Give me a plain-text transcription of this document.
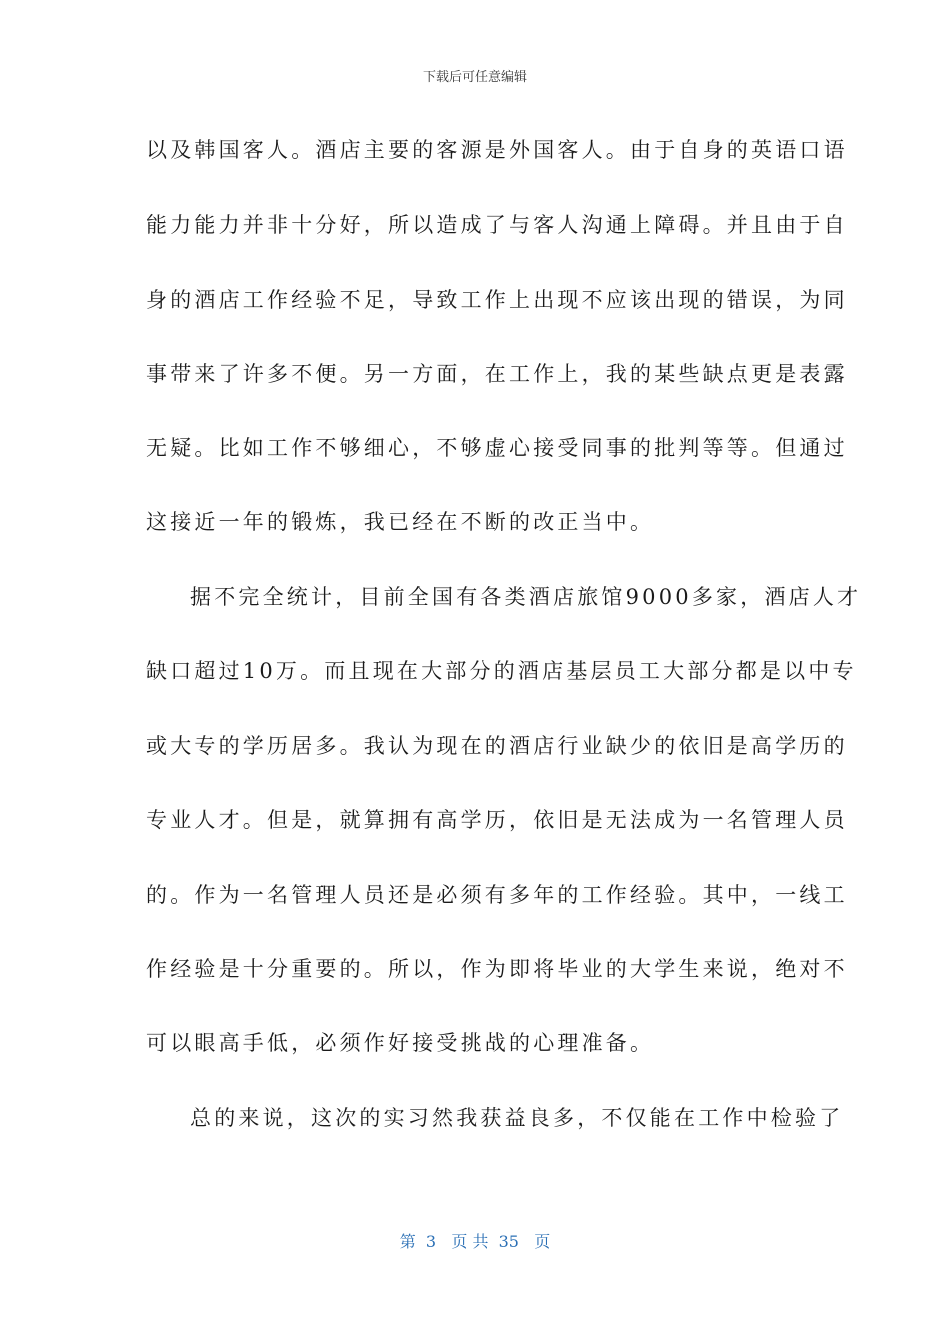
下载后可任意编辑
以及韩国客人。酒店主要的客源是外国客人。由于自身的英语口语
能力能力并非十分好，所以造成了与客人沟通上障碍。并且由于自
身的酒店工作经验不足，导致工作上出现不应该出现的错误，为同
事带来了许多不便。另一方面，在工作上，我的某些缺点更是表露
无疑。比如工作不够细心，不够虚心接受同事的批判等等。但通过
这接近一年的锻炼，我已经在不断的改正当中。
据不完全统计，目前全国有各类酒店旅馆9000多家，酒店人才
缺口超过10万。而且现在大部分的酒店基层员工大部分都是以中专
或大专的学历居多。我认为现在的酒店行业缺少的依旧是高学历的
专业人才。但是，就算拥有高学历，依旧是无法成为一名管理人员
的。作为一名管理人员还是必须有多年的工作经验。其中，一线工
作经验是十分重要的。所以，作为即将毕业的大学生来说，绝对不
可以眼高手低，必须作好接受挑战的心理准备。
总的来说，这次的实习然我获益良多，不仅能在工作中检验了
第  3   页 共  35   页
